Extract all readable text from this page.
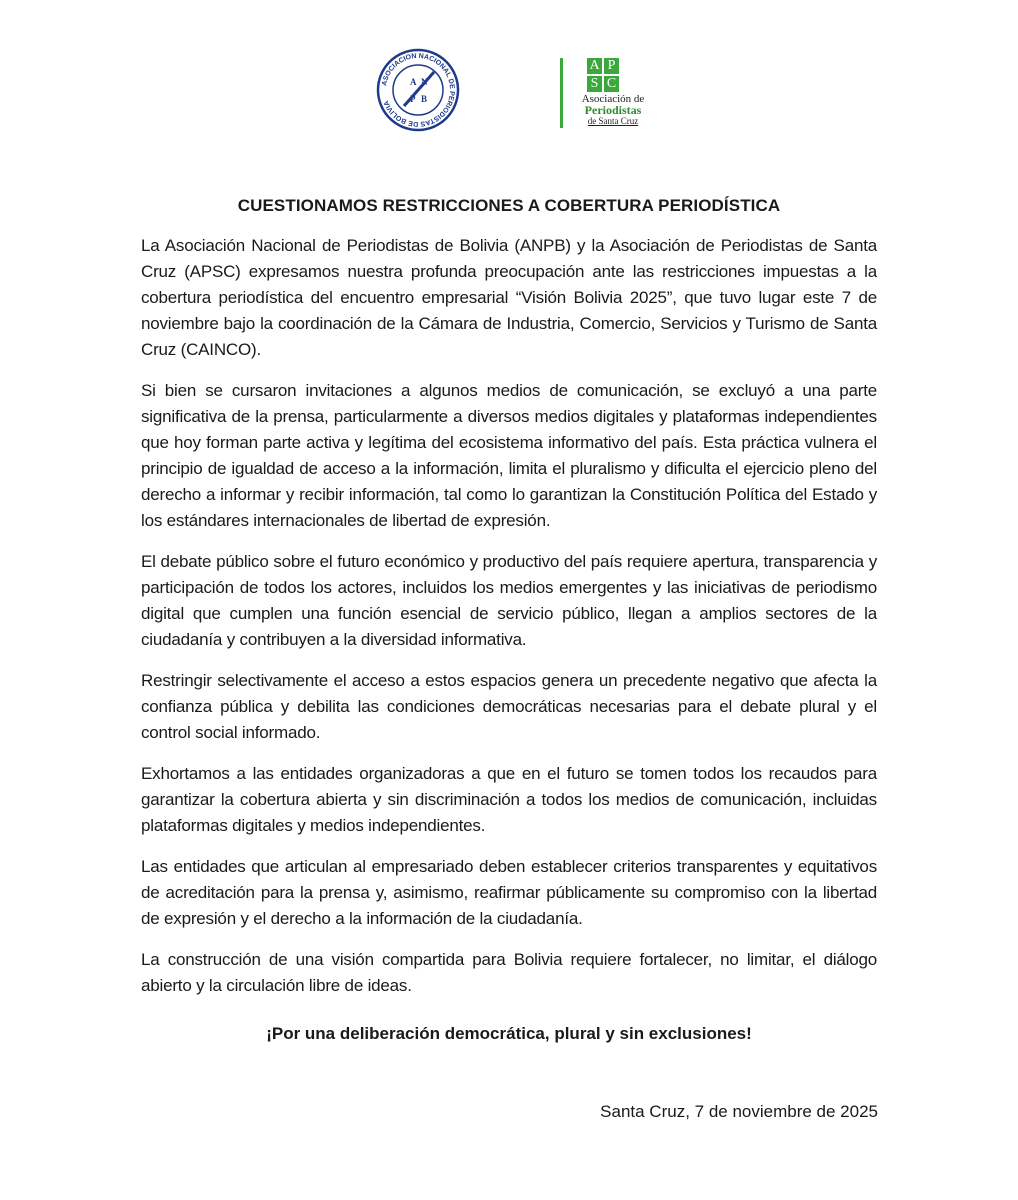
ASOCIACION NACIONAL DE PERIODISTAS DE BOLIVIA
A N
P B
A P
S C
Asociación de
Periodistas
de Santa Cruz
CUESTIONAMOS RESTRICCIONES A COBERTURA PERIODÍSTICA

La Asociación Nacional de Periodistas de Bolivia (ANPB) y la Asociación de Periodistas de Santa Cruz (APSC) expresamos nuestra profunda preocupación ante las restricciones impuestas a la cobertura periodística del encuentro empresarial “Visión Bolivia 2025”, que tuvo lugar este 7 de noviembre bajo la coordinación de la Cámara de Industria, Comercio, Servicios y Turismo de Santa Cruz (CAINCO).

Si bien se cursaron invitaciones a algunos medios de comunicación, se excluyó a una parte significativa de la prensa, particularmente a diversos medios digitales y plataformas independientes que hoy forman parte activa y legítima del ecosistema informativo del país. Esta práctica vulnera el principio de igualdad de acceso a la información, limita el pluralismo y dificulta el ejercicio pleno del derecho a informar y recibir información, tal como lo garantizan la Constitución Política del Estado y los estándares internacionales de libertad de expresión.

El debate público sobre el futuro económico y productivo del país requiere apertura, transparencia y participación de todos los actores, incluidos los medios emergentes y las iniciativas de periodismo digital que cumplen una función esencial de servicio público, llegan a amplios sectores de la ciudadanía y contribuyen a la diversidad informativa.

Restringir selectivamente el acceso a estos espacios genera un precedente negativo que afecta la confianza pública y debilita las condiciones democráticas necesarias para el debate plural y el control social informado.

Exhortamos a las entidades organizadoras a que en el futuro se tomen todos los recaudos para garantizar la cobertura abierta y sin discriminación a todos los medios de comunicación, incluidas plataformas digitales y medios independientes.

Las entidades que articulan al empresariado deben establecer criterios transparentes y equitativos de acreditación para la prensa y, asimismo, reafirmar públicamente su compromiso con la libertad de expresión y el derecho a la información de la ciudadanía.

La construcción de una visión compartida para Bolivia requiere fortalecer, no limitar, el diálogo abierto y la circulación libre de ideas.

¡Por una deliberación democrática, plural y sin exclusiones!
Santa Cruz, 7 de noviembre de 2025
